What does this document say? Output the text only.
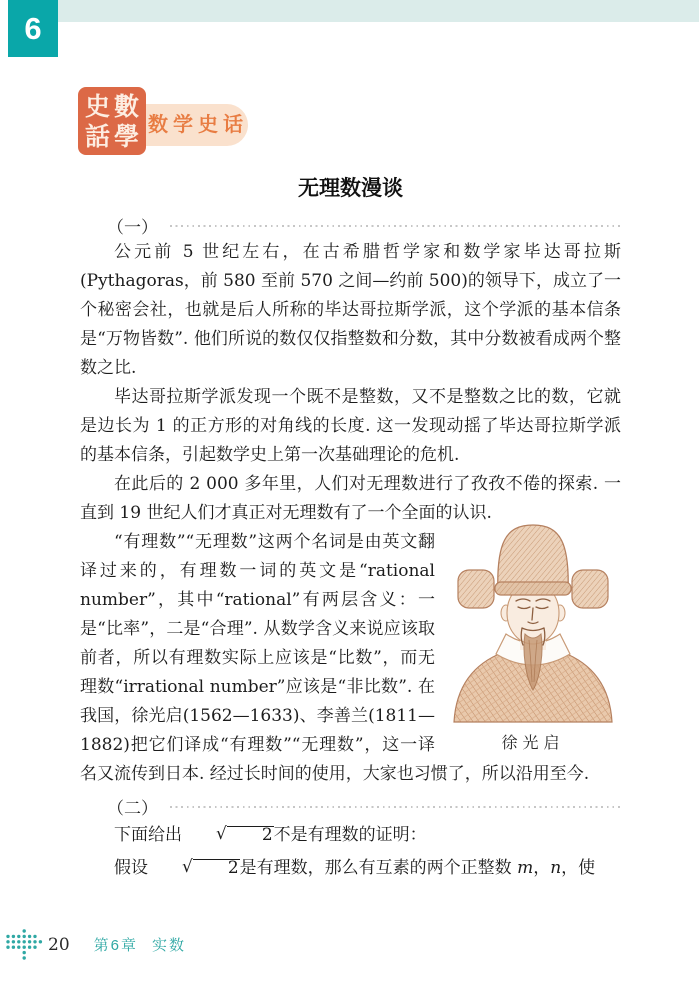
6
数学史话
史 數
話 學
无理数漫谈
（一）

公元前 5 世纪左右，在古希腊哲学家和数学家毕达哥拉斯(Pythagoras，前 580 至前 570 之间—约前 500)的领导下，成立了一个秘密会社，也就是后人所称的毕达哥拉斯学派，这个学派的基本信条是“万物皆数”. 他们所说的数仅仅指整数和分数，其中分数被看成两个整数之比.

毕达哥拉斯学派发现一个既不是整数，又不是整数之比的数，它就是边长为 1 的正方形的对角线的长度. 这一发现动摇了毕达哥拉斯学派的基本信条，引起数学史上第一次基础理论的危机.

在此后的 2 000 多年里，人们对无理数进行了孜孜不倦的探索. 一直到 19 世纪人们才真正对无理数有了一个全面的认识.

徐光启

“有理数”“无理数”这两个名词是由英文翻译过来的，有理数一词的英文是“rational number”，其中“rational”有两层含义：一是“比率”，二是“合理”. 从数学含义来说应该取前者，所以有理数实际上应该是“比数”，而无理数“irrational number”应该是“非比数”. 在我国，徐光启(1562—1633)、李善兰(1811—1882)把它们译成“有理数”“无理数”，这一译名又流传到日本. 经过长时间的使用，大家也习惯了，所以沿用至今.

（二）

下面给出 √ 2不是有理数的证明：

假设 √ 2是有理数，那么有互素的两个正整数 m，n，使

20 第6章 实数
